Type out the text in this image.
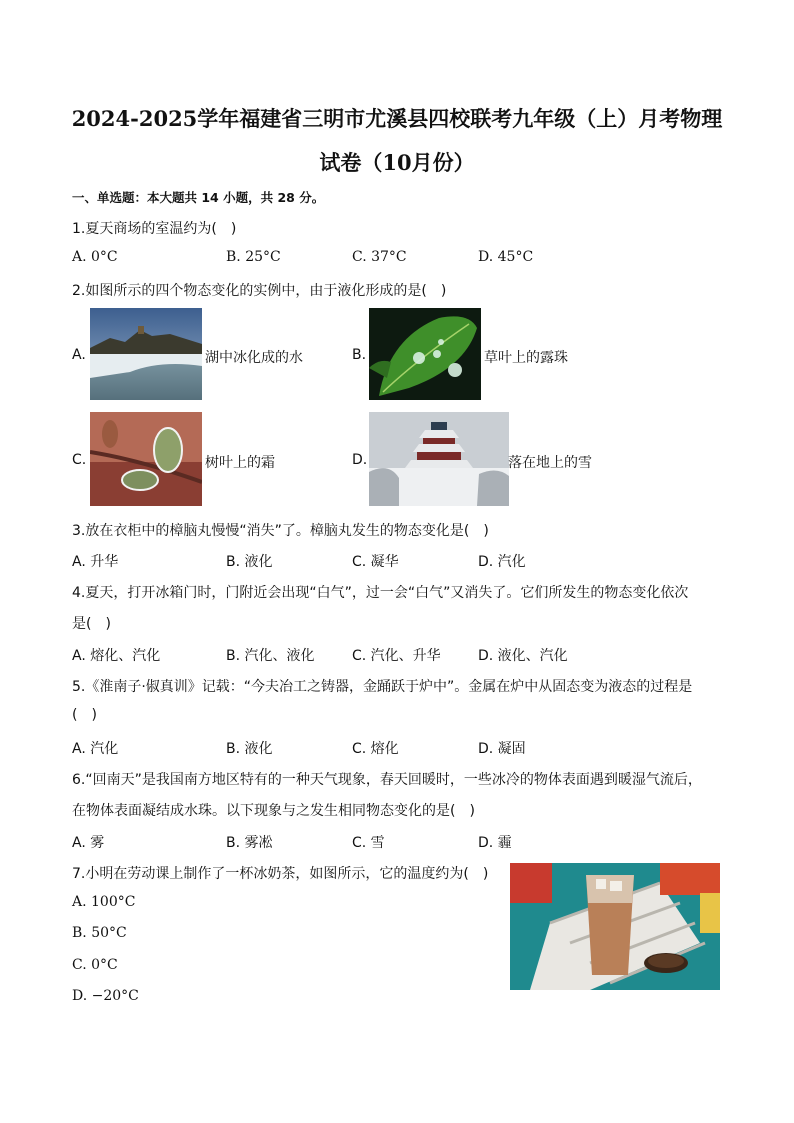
2024-2025学年福建省三明市尤溪县四校联考九年级（上）月考物理
试卷（10月份）
一、单选题：本大题共 14 小题，共 28 分。
1.夏天商场的室温约为( )
A. 0°C	B. 25°C	C. 37°C	D. 45°C
2.如图所示的四个物态变化的实例中，由于液化形成的是( )
A.	湖中冰化成的水	B.	草叶上的露珠
C.	树叶上的霜	D.	落在地上的雪
3.放在衣柜中的樟脑丸慢慢“消失”了。樟脑丸发生的物态变化是( )
A. 升华	B. 液化	C. 凝华	D. 汽化
4.夏天，打开冰箱门时，门附近会出现“白气”，过一会“白气”又消失了。它们所发生的物态变化依次
是( )
A. 熔化、汽化	B. 汽化、液化	C. 汽化、升华	D. 液化、汽化
5.《淮南子·俶真训》记载：“今夫冶工之铸器，金踊跃于炉中”。金属在炉中从固态变为液态的过程是
( )
A. 汽化	B. 液化	C. 熔化	D. 凝固
6.“回南天”是我国南方地区特有的一种天气现象，春天回暖时，一些冰冷的物体表面遇到暖湿气流后，
在物体表面凝结成水珠。以下现象与之发生相同物态变化的是( )
A. 雾	B. 雾凇	C. 雪	D. 霾
7.小明在劳动课上制作了一杯冰奶茶，如图所示，它的温度约为( )
A. 100°C
B. 50°C
C. 0°C
D. −20°C
